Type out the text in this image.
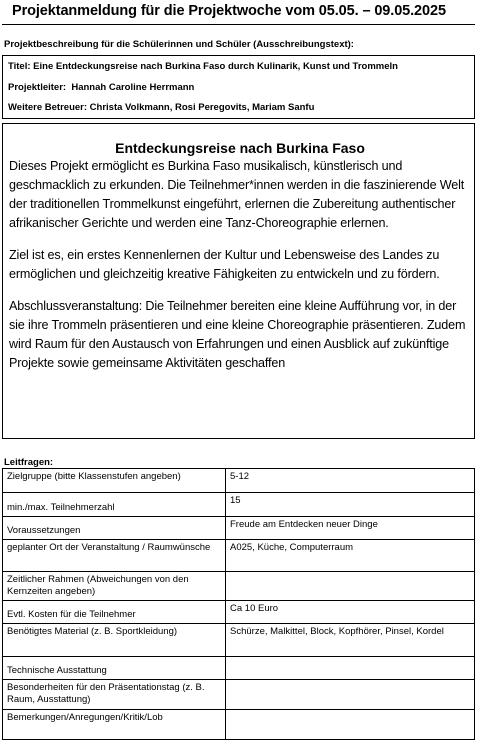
Projektanmeldung für die Projektwoche vom 05.05. – 09.05.2025
Projektbeschreibung für die Schülerinnen und Schüler (Ausschreibungstext):
Titel: Eine Entdeckungsreise nach Burkina Faso durch Kulinarik, Kunst und Trommeln
Projektleiter: Hannah Caroline Herrmann
Weitere Betreuer: Christa Volkmann, Rosi Peregovits, Mariam Sanfu
Entdeckungsreise nach Burkina Faso

Dieses Projekt ermöglicht es Burkina Faso musikalisch, künstlerisch und geschmacklich zu erkunden. Die Teilnehmer*innen werden in die faszinierende Welt der traditionellen Trommelkunst eingeführt, erlernen die Zubereitung authentischer afrikanischer Gerichte und werden eine Tanz-Choreographie erlernen.

Ziel ist es, ein erstes Kennenlernen der Kultur und Lebensweise des Landes zu ermöglichen und gleichzeitig kreative Fähigkeiten zu entwickeln und zu fördern.

Abschlussveranstaltung: Die Teilnehmer bereiten eine kleine Aufführung vor, in der sie ihre Trommeln präsentieren und eine kleine Choreographie präsentieren. Zudem wird Raum für den Austausch von Erfahrungen und einen Ausblick auf zukünftige Projekte sowie gemeinsame Aktivitäten geschaffen

Leitfragen:
Zielgruppe (bitte Klassenstufen angeben)	5-12
min./max. Teilnehmerzahl	15
Voraussetzungen	Freude am Entdecken neuer Dinge
geplanter Ort der Veranstaltung / Raumwünsche	A025, Küche, Computerraum
Zeitlicher Rahmen (Abweichungen von den Kernzeiten angeben)	
Evtl. Kosten für die Teilnehmer	Ca 10 Euro
Benötigtes Material (z. B. Sportkleidung)	Schürze, Malkittel, Block, Kopfhörer, Pinsel, Kordel
Technische Ausstattung	
Besonderheiten für den Präsentationstag (z. B. Raum, Ausstattung)	
Bemerkungen/Anregungen/Kritik/Lob	
